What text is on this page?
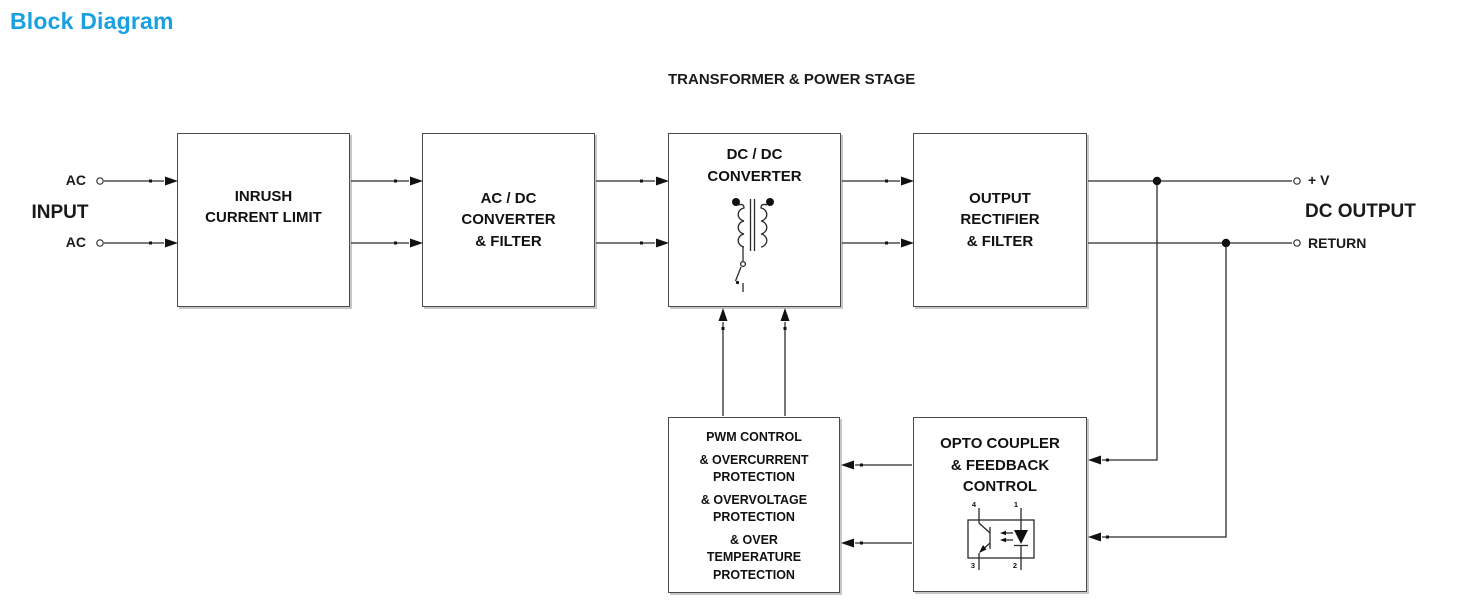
Block Diagram
TRANSFORMER & POWER STAGE
AC
INPUT
AC
+ V
DC OUTPUT
RETURN
INRUSH
CURRENT LIMIT
AC / DC
CONVERTER
& FILTER
DC / DC
CONVERTER
OUTPUT
RECTIFIER
& FILTER
PWM CONTROL
& OVERCURRENT
PROTECTION
& OVERVOLTAGE
PROTECTION
& OVER
TEMPERATURE
PROTECTION
OPTO COUPLER
& FEEDBACK
CONTROL
4	1
3	2
